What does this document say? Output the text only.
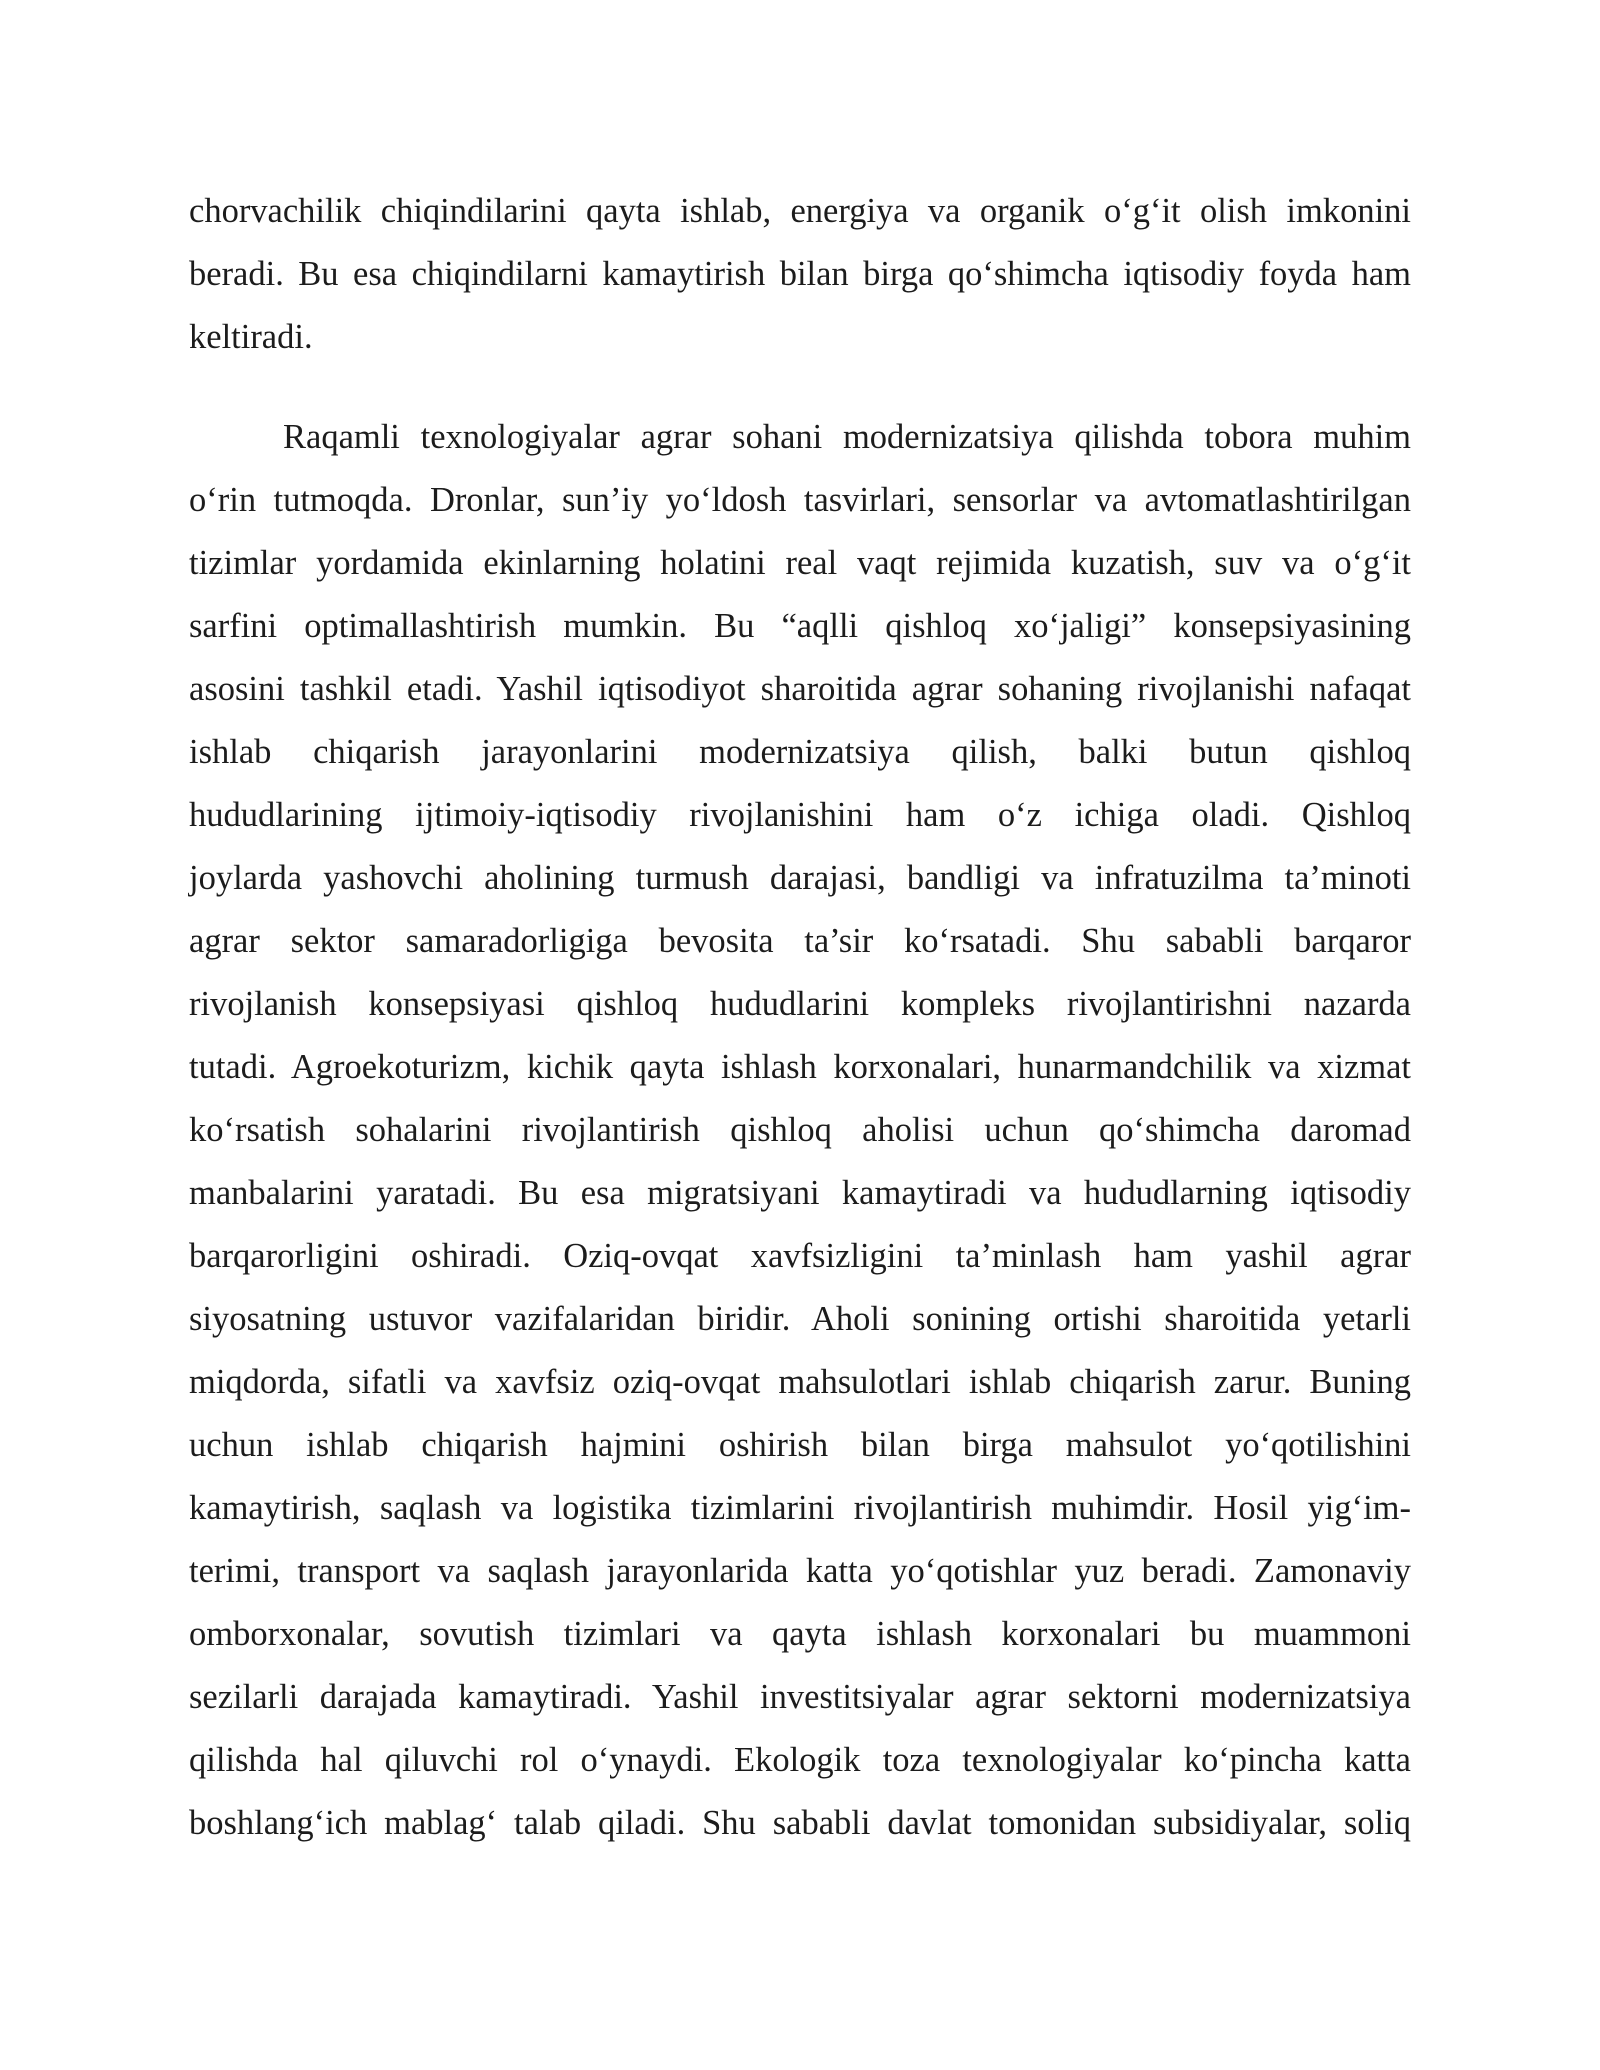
chorvachilik chiqindilarini qayta ishlab, energiya va organik o‘g‘it olish imkonini
beradi. Bu esa chiqindilarni kamaytirish bilan birga qo‘shimcha iqtisodiy foyda ham
keltiradi.
Raqamli texnologiyalar agrar sohani modernizatsiya qilishda tobora muhim
o‘rin tutmoqda. Dronlar, sun’iy yo‘ldosh tasvirlari, sensorlar va avtomatlashtirilgan
tizimlar yordamida ekinlarning holatini real vaqt rejimida kuzatish, suv va o‘g‘it
sarfini optimallashtirish mumkin. Bu “aqlli qishloq xo‘jaligi” konsepsiyasining
asosini tashkil etadi. Yashil iqtisodiyot sharoitida agrar sohaning rivojlanishi nafaqat
ishlab chiqarish jarayonlarini modernizatsiya qilish, balki butun qishloq
hududlarining ijtimoiy-iqtisodiy rivojlanishini ham o‘z ichiga oladi. Qishloq
joylarda yashovchi aholining turmush darajasi, bandligi va infratuzilma ta’minoti
agrar sektor samaradorligiga bevosita ta’sir ko‘rsatadi. Shu sababli barqaror
rivojlanish konsepsiyasi qishloq hududlarini kompleks rivojlantirishni nazarda
tutadi. Agroekoturizm, kichik qayta ishlash korxonalari, hunarmandchilik va xizmat
ko‘rsatish sohalarini rivojlantirish qishloq aholisi uchun qo‘shimcha daromad
manbalarini yaratadi. Bu esa migratsiyani kamaytiradi va hududlarning iqtisodiy
barqarorligini oshiradi. Oziq-ovqat xavfsizligini ta’minlash ham yashil agrar
siyosatning ustuvor vazifalaridan biridir. Aholi sonining ortishi sharoitida yetarli
miqdorda, sifatli va xavfsiz oziq-ovqat mahsulotlari ishlab chiqarish zarur. Buning
uchun ishlab chiqarish hajmini oshirish bilan birga mahsulot yo‘qotilishini
kamaytirish, saqlash va logistika tizimlarini rivojlantirish muhimdir. Hosil yig‘im-
terimi, transport va saqlash jarayonlarida katta yo‘qotishlar yuz beradi. Zamonaviy
omborxonalar, sovutish tizimlari va qayta ishlash korxonalari bu muammoni
sezilarli darajada kamaytiradi. Yashil investitsiyalar agrar sektorni modernizatsiya
qilishda hal qiluvchi rol o‘ynaydi. Ekologik toza texnologiyalar ko‘pincha katta
boshlang‘ich mablag‘ talab qiladi. Shu sababli davlat tomonidan subsidiyalar, soliq
